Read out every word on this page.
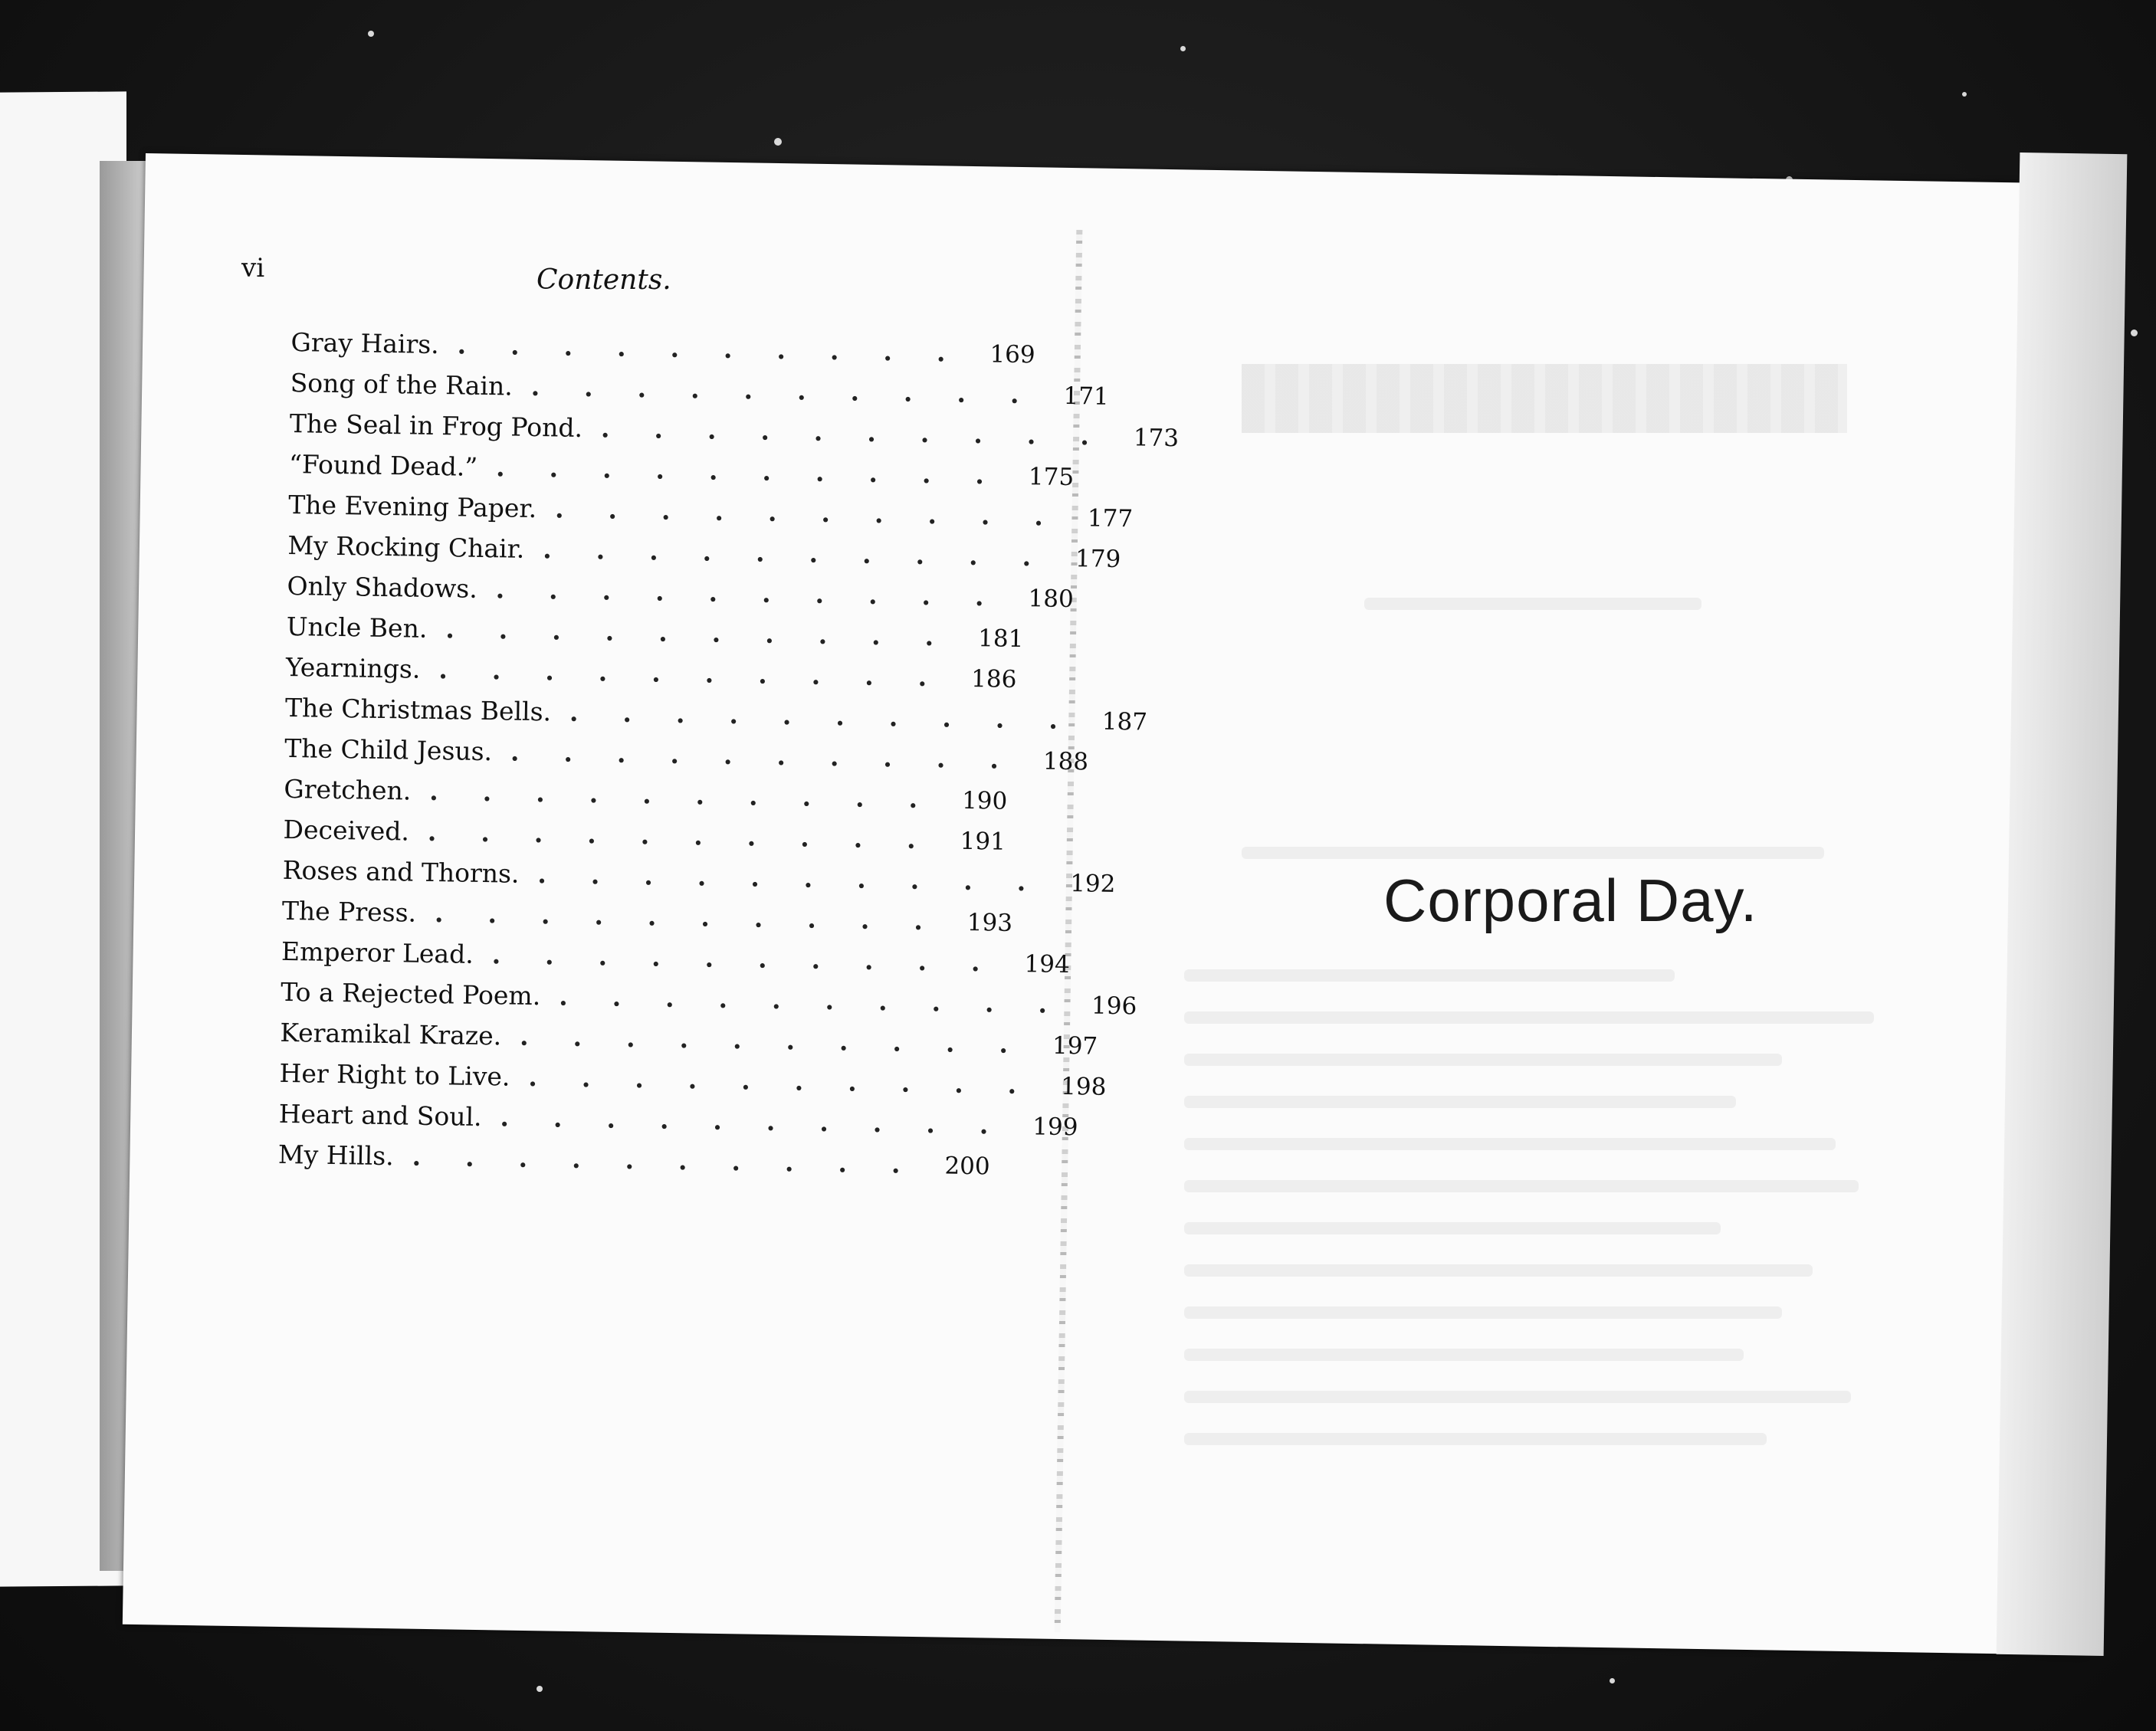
vi	Contents.
Gray Hairs. .......... 169
Song of the Rain. .......... 171
The Seal in Frog Pond. .......... 173
“Found Dead.” .......... 175
The Evening Paper. .......... 177
My Rocking Chair. .......... 179
Only Shadows. .......... 180
Uncle Ben. .......... 181
Yearnings. .......... 186
The Christmas Bells. .......... 187
The Child Jesus. .......... 188
Gretchen. .......... 190
Deceived. .......... 191
Roses and Thorns. .......... 192
The Press. .......... 193
Emperor Lead. .......... 194
To a Rejected Poem. .......... 196
Keramikal Kraze. .......... 197
Her Right to Live. .......... 198
Heart and Soul. .......... 199
My Hills. .......... 200
Corporal Day.
